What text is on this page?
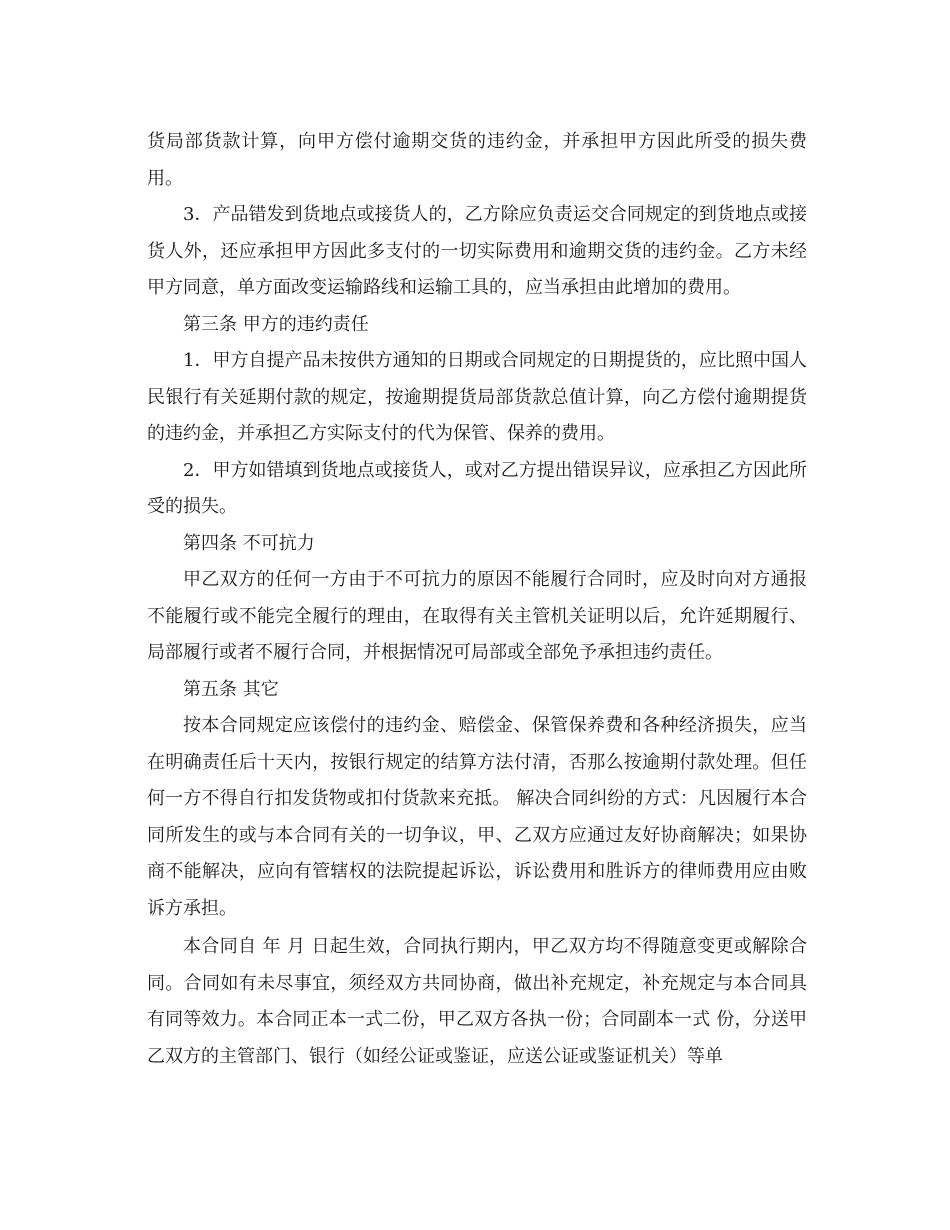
货局部货款计算，向甲方偿付逾期交货的违约金，并承担甲方因此所受的损失费用。

3．产品错发到货地点或接货人的，乙方除应负责运交合同规定的到货地点或接货人外，还应承担甲方因此多支付的一切实际费用和逾期交货的违约金。乙方未经甲方同意，单方面改变运输路线和运输工具的，应当承担由此增加的费用。

第三条 甲方的违约责任

1．甲方自提产品未按供方通知的日期或合同规定的日期提货的，应比照中国人民银行有关延期付款的规定，按逾期提货局部货款总值计算，向乙方偿付逾期提货的违约金，并承担乙方实际支付的代为保管、保养的费用。

2．甲方如错填到货地点或接货人，或对乙方提出错误异议，应承担乙方因此所受的损失。

第四条 不可抗力

甲乙双方的任何一方由于不可抗力的原因不能履行合同时，应及时向对方通报不能履行或不能完全履行的理由，在取得有关主管机关证明以后，允许延期履行、局部履行或者不履行合同，并根据情况可局部或全部免予承担违约责任。

第五条 其它

按本合同规定应该偿付的违约金、赔偿金、保管保养费和各种经济损失，应当在明确责任后十天内，按银行规定的结算方法付清，否那么按逾期付款处理。但任何一方不得自行扣发货物或扣付货款来充抵。 解决合同纠纷的方式：凡因履行本合同所发生的或与本合同有关的一切争议，甲、乙双方应通过友好协商解决；如果协商不能解决，应向有管辖权的法院提起诉讼，诉讼费用和胜诉方的律师费用应由败诉方承担。

本合同自 年 月 日起生效，合同执行期内，甲乙双方均不得随意变更或解除合同。合同如有未尽事宜，须经双方共同协商，做出补充规定，补充规定与本合同具有同等效力。本合同正本一式二份，甲乙双方各执一份；合同副本一式 份，分送甲乙双方的主管部门、银行（如经公证或鉴证，应送公证或鉴证机关）等单
